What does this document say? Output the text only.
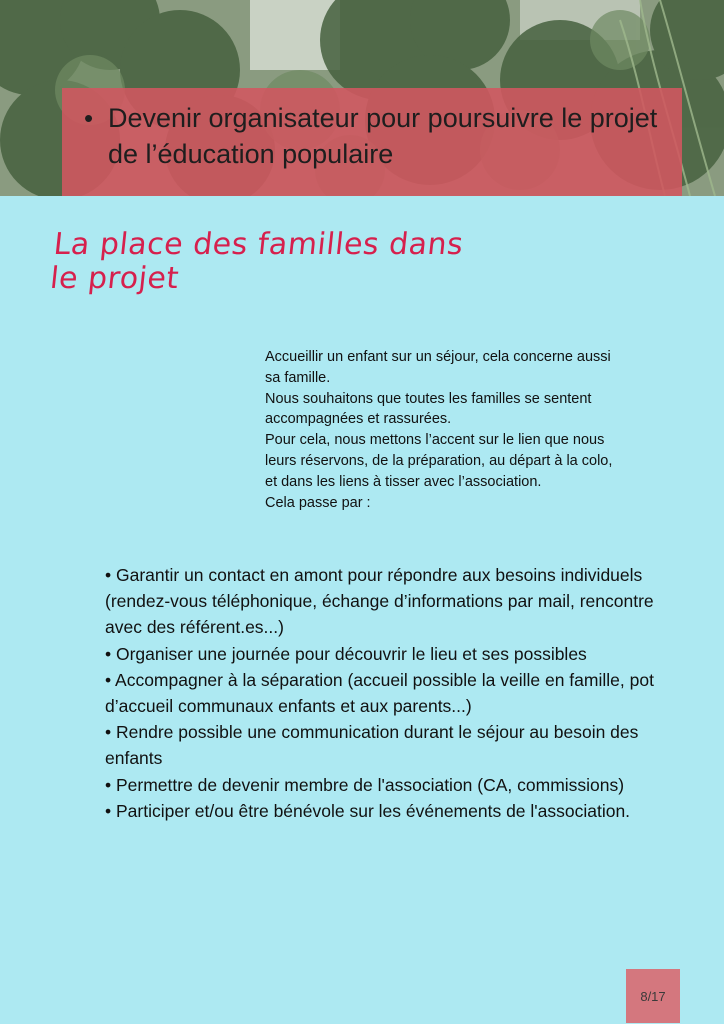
• Devenir organisateur pour poursuivre le projet de l’éducation populaire
La place des familles dans le projet

Accueillir un enfant sur un séjour, cela concerne aussi sa famille.

Nous souhaitons que toutes les familles se sentent accompagnées et rassurées.

Pour cela, nous mettons l’accent sur le lien que nous leurs réservons, de la préparation, au départ à la colo, et dans les liens à tisser avec l’association.

Cela passe par :

• Garantir un contact en amont pour répondre aux besoins individuels (rendez-vous téléphonique, échange d’informations par mail, rencontre avec des référent.es...)
• Organiser une journée pour découvrir le lieu et ses possibles
• Accompagner à la séparation (accueil possible la veille en famille, pot d’accueil communaux enfants et aux parents...)
• Rendre possible une communication durant le séjour au besoin des enfants
• Permettre de devenir membre de l'association (CA, commissions)
• Participer et/ou être bénévole sur les événements de l'association.
8/17
